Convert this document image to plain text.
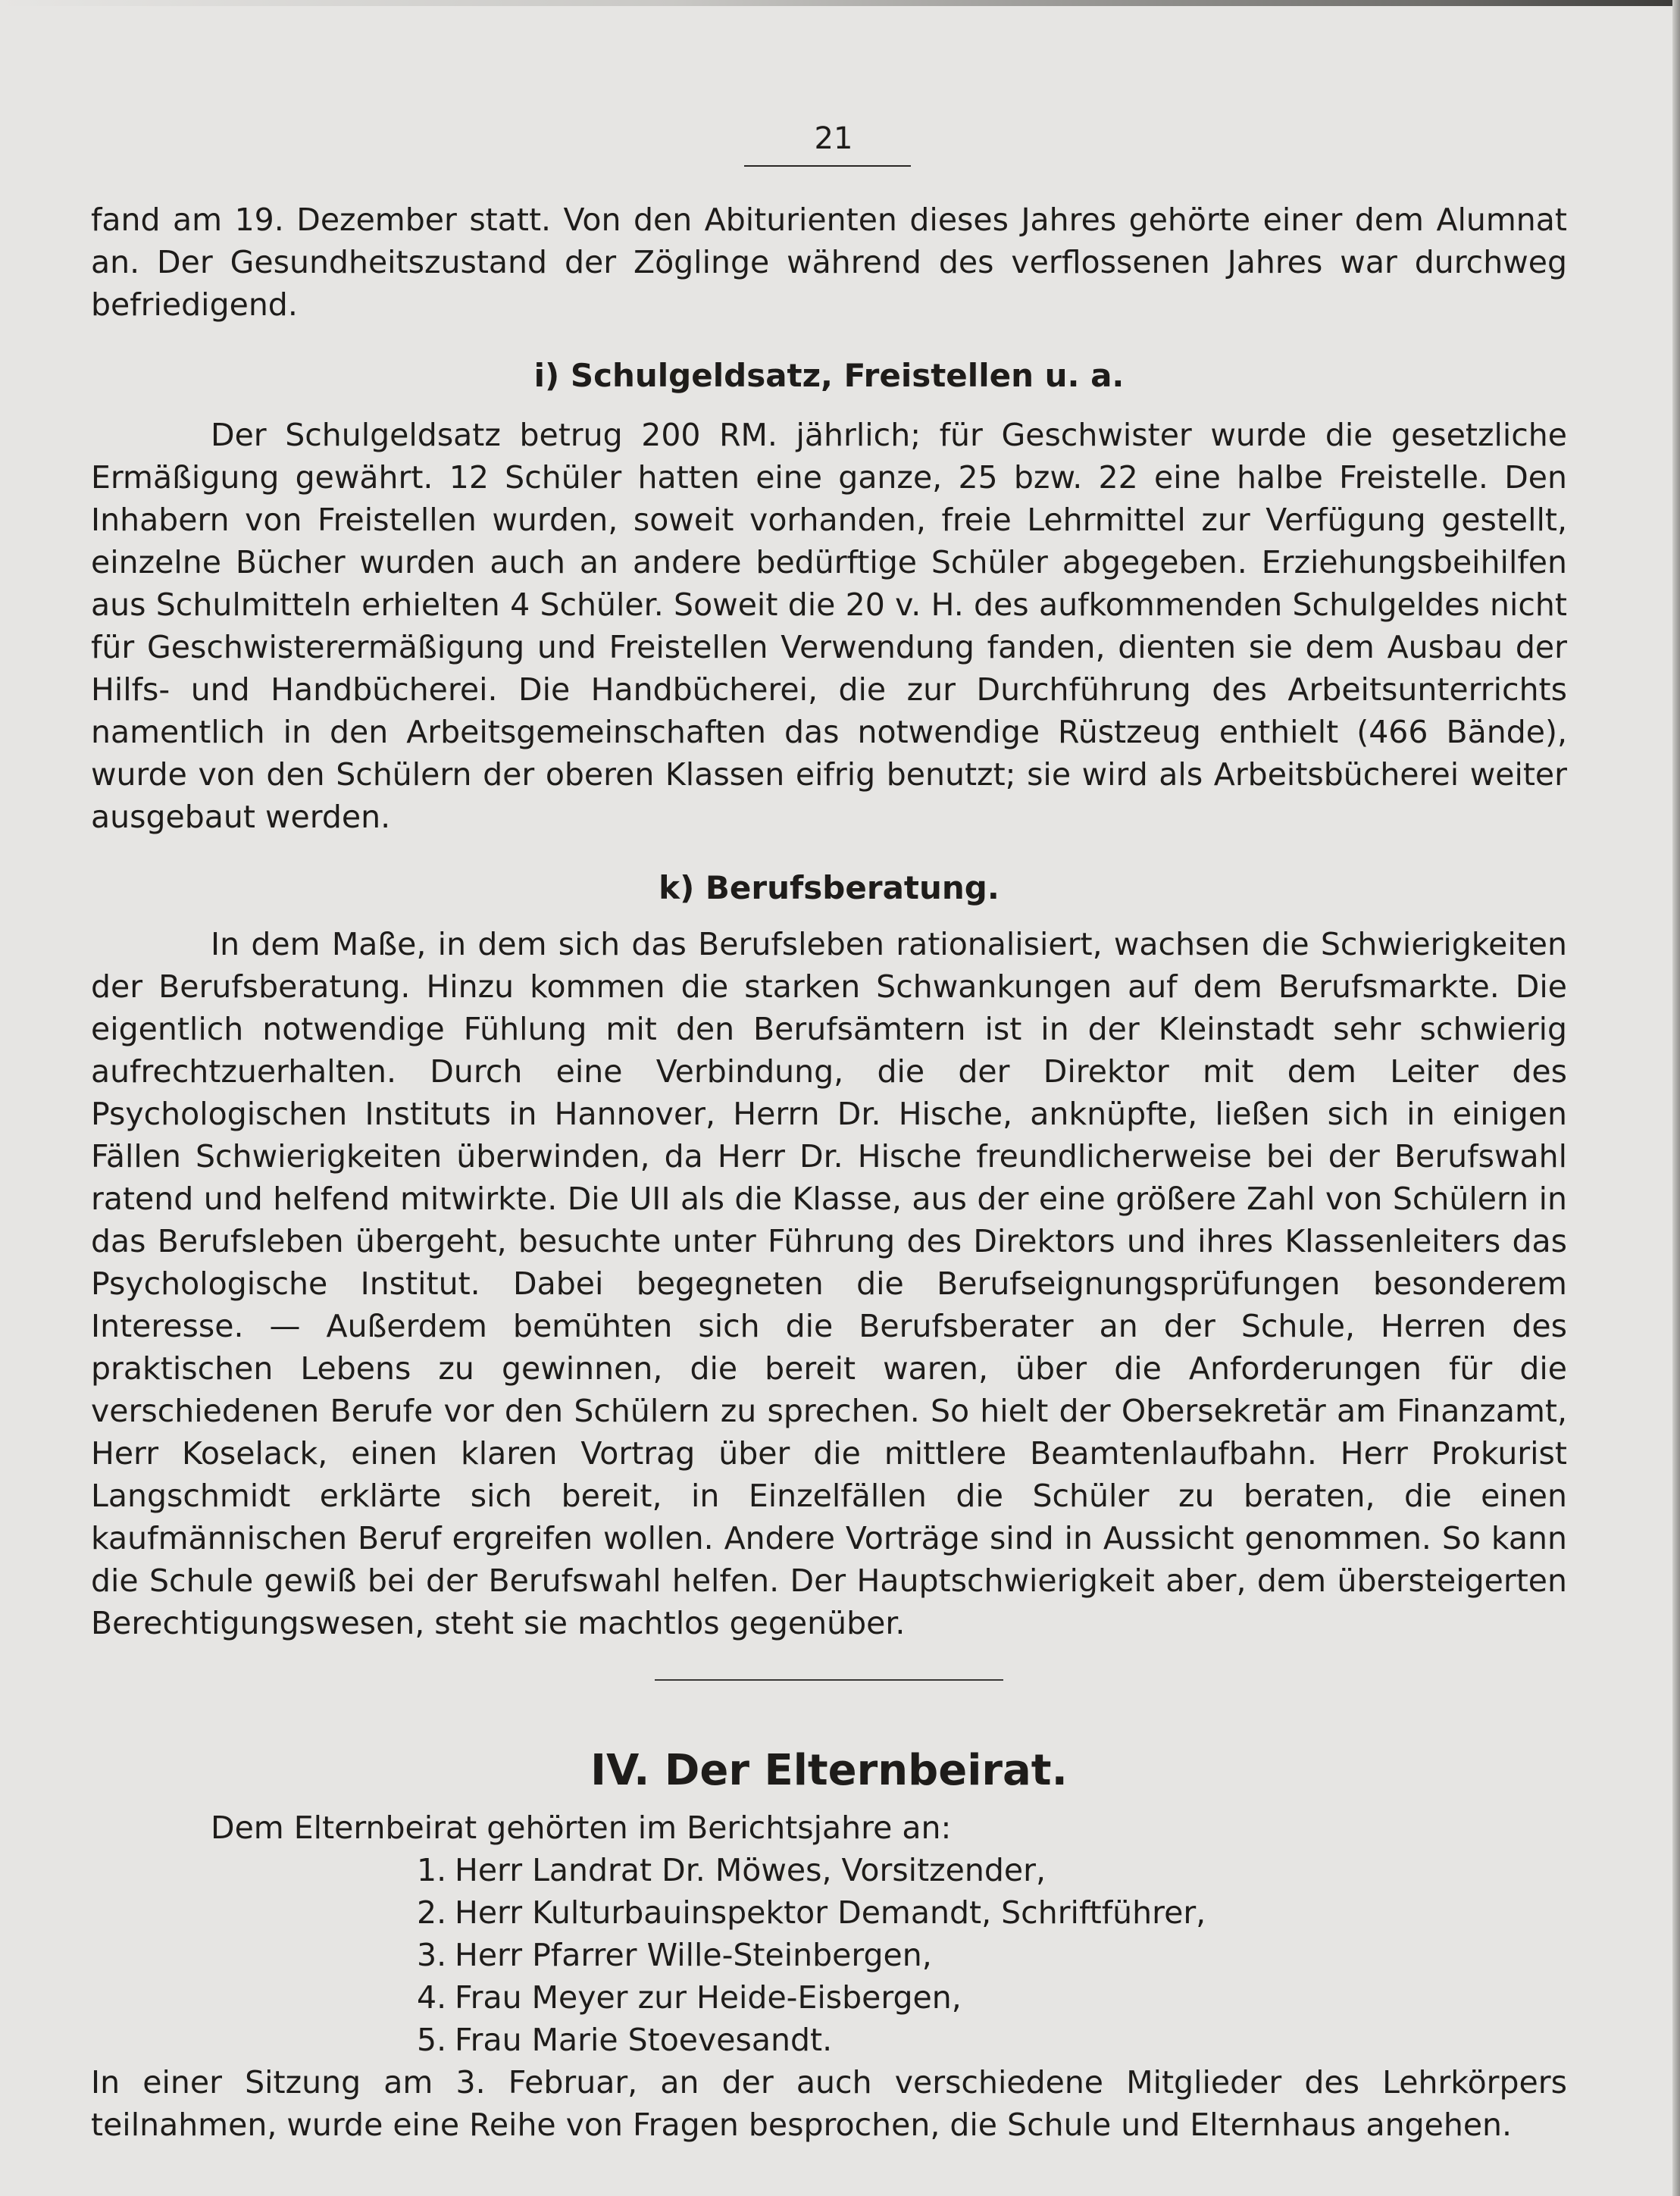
21

fand am 19. Dezember statt. Von den Abiturienten dieses Jahres gehörte einer dem Alumnat an. Der Gesundheitszustand der Zöglinge während des verflossenen Jahres war durchweg befriedigend.

i) Schulgeldsatz, Freistellen u. a.

Der Schulgeldsatz betrug 200 RM. jährlich; für Geschwister wurde die gesetzliche Ermäßigung gewährt. 12 Schüler hatten eine ganze, 25 bzw. 22 eine halbe Freistelle. Den Inhabern von Freistellen wurden, soweit vorhanden, freie Lehrmittel zur Verfügung gestellt, einzelne Bücher wurden auch an andere bedürftige Schüler abgegeben. Erziehungsbeihilfen aus Schulmitteln erhielten 4 Schüler. Soweit die 20 v. H. des aufkommenden Schulgeldes nicht für Geschwisterermäßigung und Freistellen Verwendung fanden, dienten sie dem Ausbau der Hilfs- und Handbücherei. Die Handbücherei, die zur Durchführung des Arbeitsunterrichts namentlich in den Arbeitsgemeinschaften das notwendige Rüstzeug enthielt (466 Bände), wurde von den Schülern der oberen Klassen eifrig benutzt; sie wird als Arbeitsbücherei weiter ausgebaut werden.

k) Berufsberatung.

In dem Maße, in dem sich das Berufsleben rationalisiert, wachsen die Schwierigkeiten der Berufsberatung. Hinzu kommen die starken Schwankungen auf dem Berufsmarkte. Die eigentlich notwendige Fühlung mit den Berufsämtern ist in der Kleinstadt sehr schwierig aufrechtzuerhalten. Durch eine Verbindung, die der Direktor mit dem Leiter des Psychologischen Instituts in Hannover, Herrn Dr. Hische, anknüpfte, ließen sich in einigen Fällen Schwierigkeiten überwinden, da Herr Dr. Hische freundlicherweise bei der Berufswahl ratend und helfend mitwirkte. Die UII als die Klasse, aus der eine größere Zahl von Schülern in das Berufsleben übergeht, besuchte unter Führung des Direktors und ihres Klassenleiters das Psychologische Institut. Dabei begegneten die Berufseignungsprüfungen besonderem Interesse. — Außerdem bemühten sich die Berufsberater an der Schule, Herren des praktischen Lebens zu gewinnen, die bereit waren, über die Anforderungen für die verschiedenen Berufe vor den Schülern zu sprechen. So hielt der Obersekretär am Finanzamt, Herr Koselack, einen klaren Vortrag über die mittlere Beamtenlaufbahn. Herr Prokurist Langschmidt erklärte sich bereit, in Einzelfällen die Schüler zu beraten, die einen kaufmännischen Beruf ergreifen wollen. Andere Vorträge sind in Aussicht genommen. So kann die Schule gewiß bei der Berufswahl helfen. Der Hauptschwierigkeit aber, dem übersteigerten Berechtigungswesen, steht sie machtlos gegenüber.

IV. Der Elternbeirat.

Dem Elternbeirat gehörten im Berichtsjahre an:

1. Herr Landrat Dr. Möwes, Vorsitzender,
2. Herr Kulturbauinspektor Demandt, Schriftführer,
3. Herr Pfarrer Wille-Steinbergen,
4. Frau Meyer zur Heide-Eisbergen,
5. Frau Marie Stoevesandt.

In einer Sitzung am 3. Februar, an der auch verschiedene Mitglieder des Lehrkörpers teilnahmen, wurde eine Reihe von Fragen besprochen, die Schule und Elternhaus angehen.
